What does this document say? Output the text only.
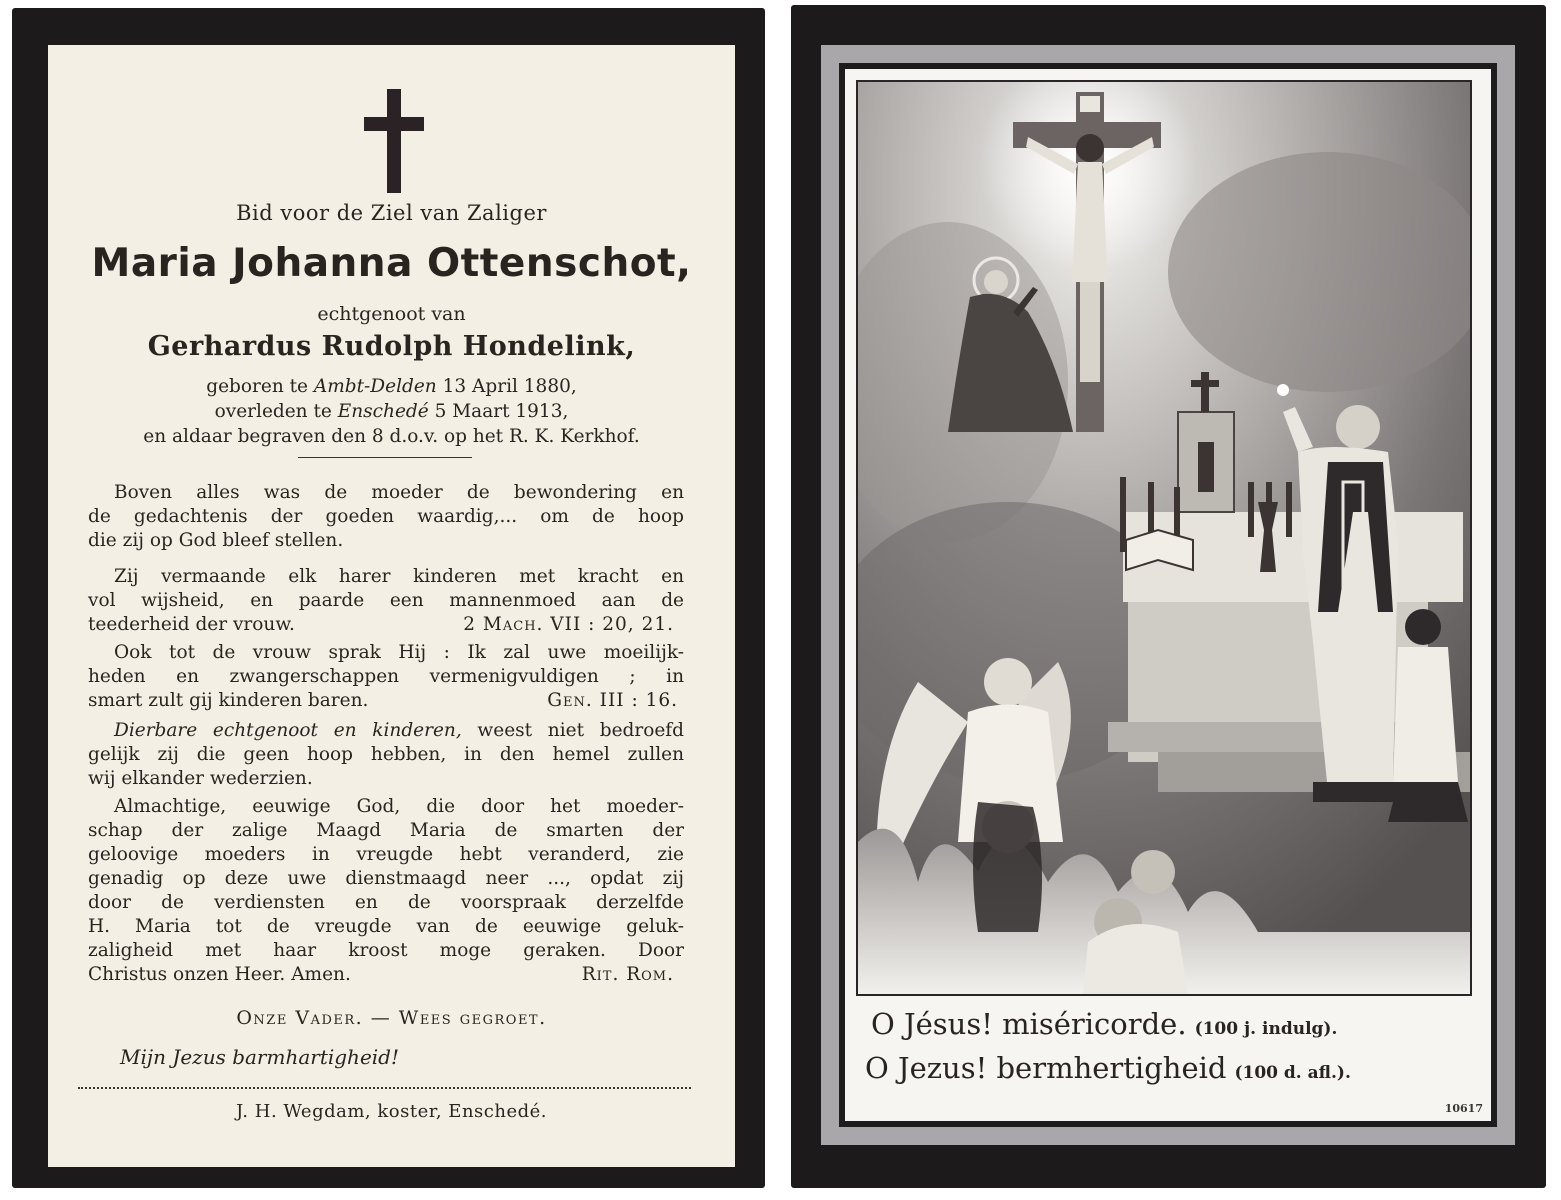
Bid voor de Ziel van Zaliger
Maria Johanna Ottenschot,
echtgenoot van
Gerhardus Rudolph Hondelink,
geboren te Ambt-Delden 13 April 1880,
overleden te Enschedé 5 Maart 1913,
en aldaar begraven den 8 d.o.v. op het R. K. Kerkhof.
Boven alles was de moeder de bewondering en
de gedachtenis der goeden waardig,... om de hoop
die zij op God bleef stellen.
Zij vermaande elk harer kinderen met kracht en
vol wijsheid, en paarde een mannenmoed aan de
teederheid der vrouw.	2 Mach. VII : 20, 21.
Ook tot de vrouw sprak Hij : Ik zal uwe moeilijk-
heden en zwangerschappen vermenigvuldigen ; in
smart zult gij kinderen baren.	Gen. III : 16.
Dierbare echtgenoot en kinderen, weest niet bedroefd
gelijk zij die geen hoop hebben, in den hemel zullen
wij elkander wederzien.
Almachtige, eeuwige God, die door het moeder-
schap der zalige Maagd Maria de smarten der
geloovige moeders in vreugde hebt veranderd, zie
genadig op deze uwe dienstmaagd neer ..., opdat zij
door de verdiensten en de voorspraak derzelfde
H. Maria tot de vreugde van de eeuwige geluk-
zaligheid met haar kroost moge geraken. Door
Christus onzen Heer. Amen.	Rit. Rom.
Onze Vader. — Wees gegroet.
Mijn Jezus barmhartigheid!
J. H. Wegdam, koster, Enschedé.
O Jésus! miséricorde. (100 j. indulg).
O Jezus! bermhertigheid (100 d. afl.).
10617
